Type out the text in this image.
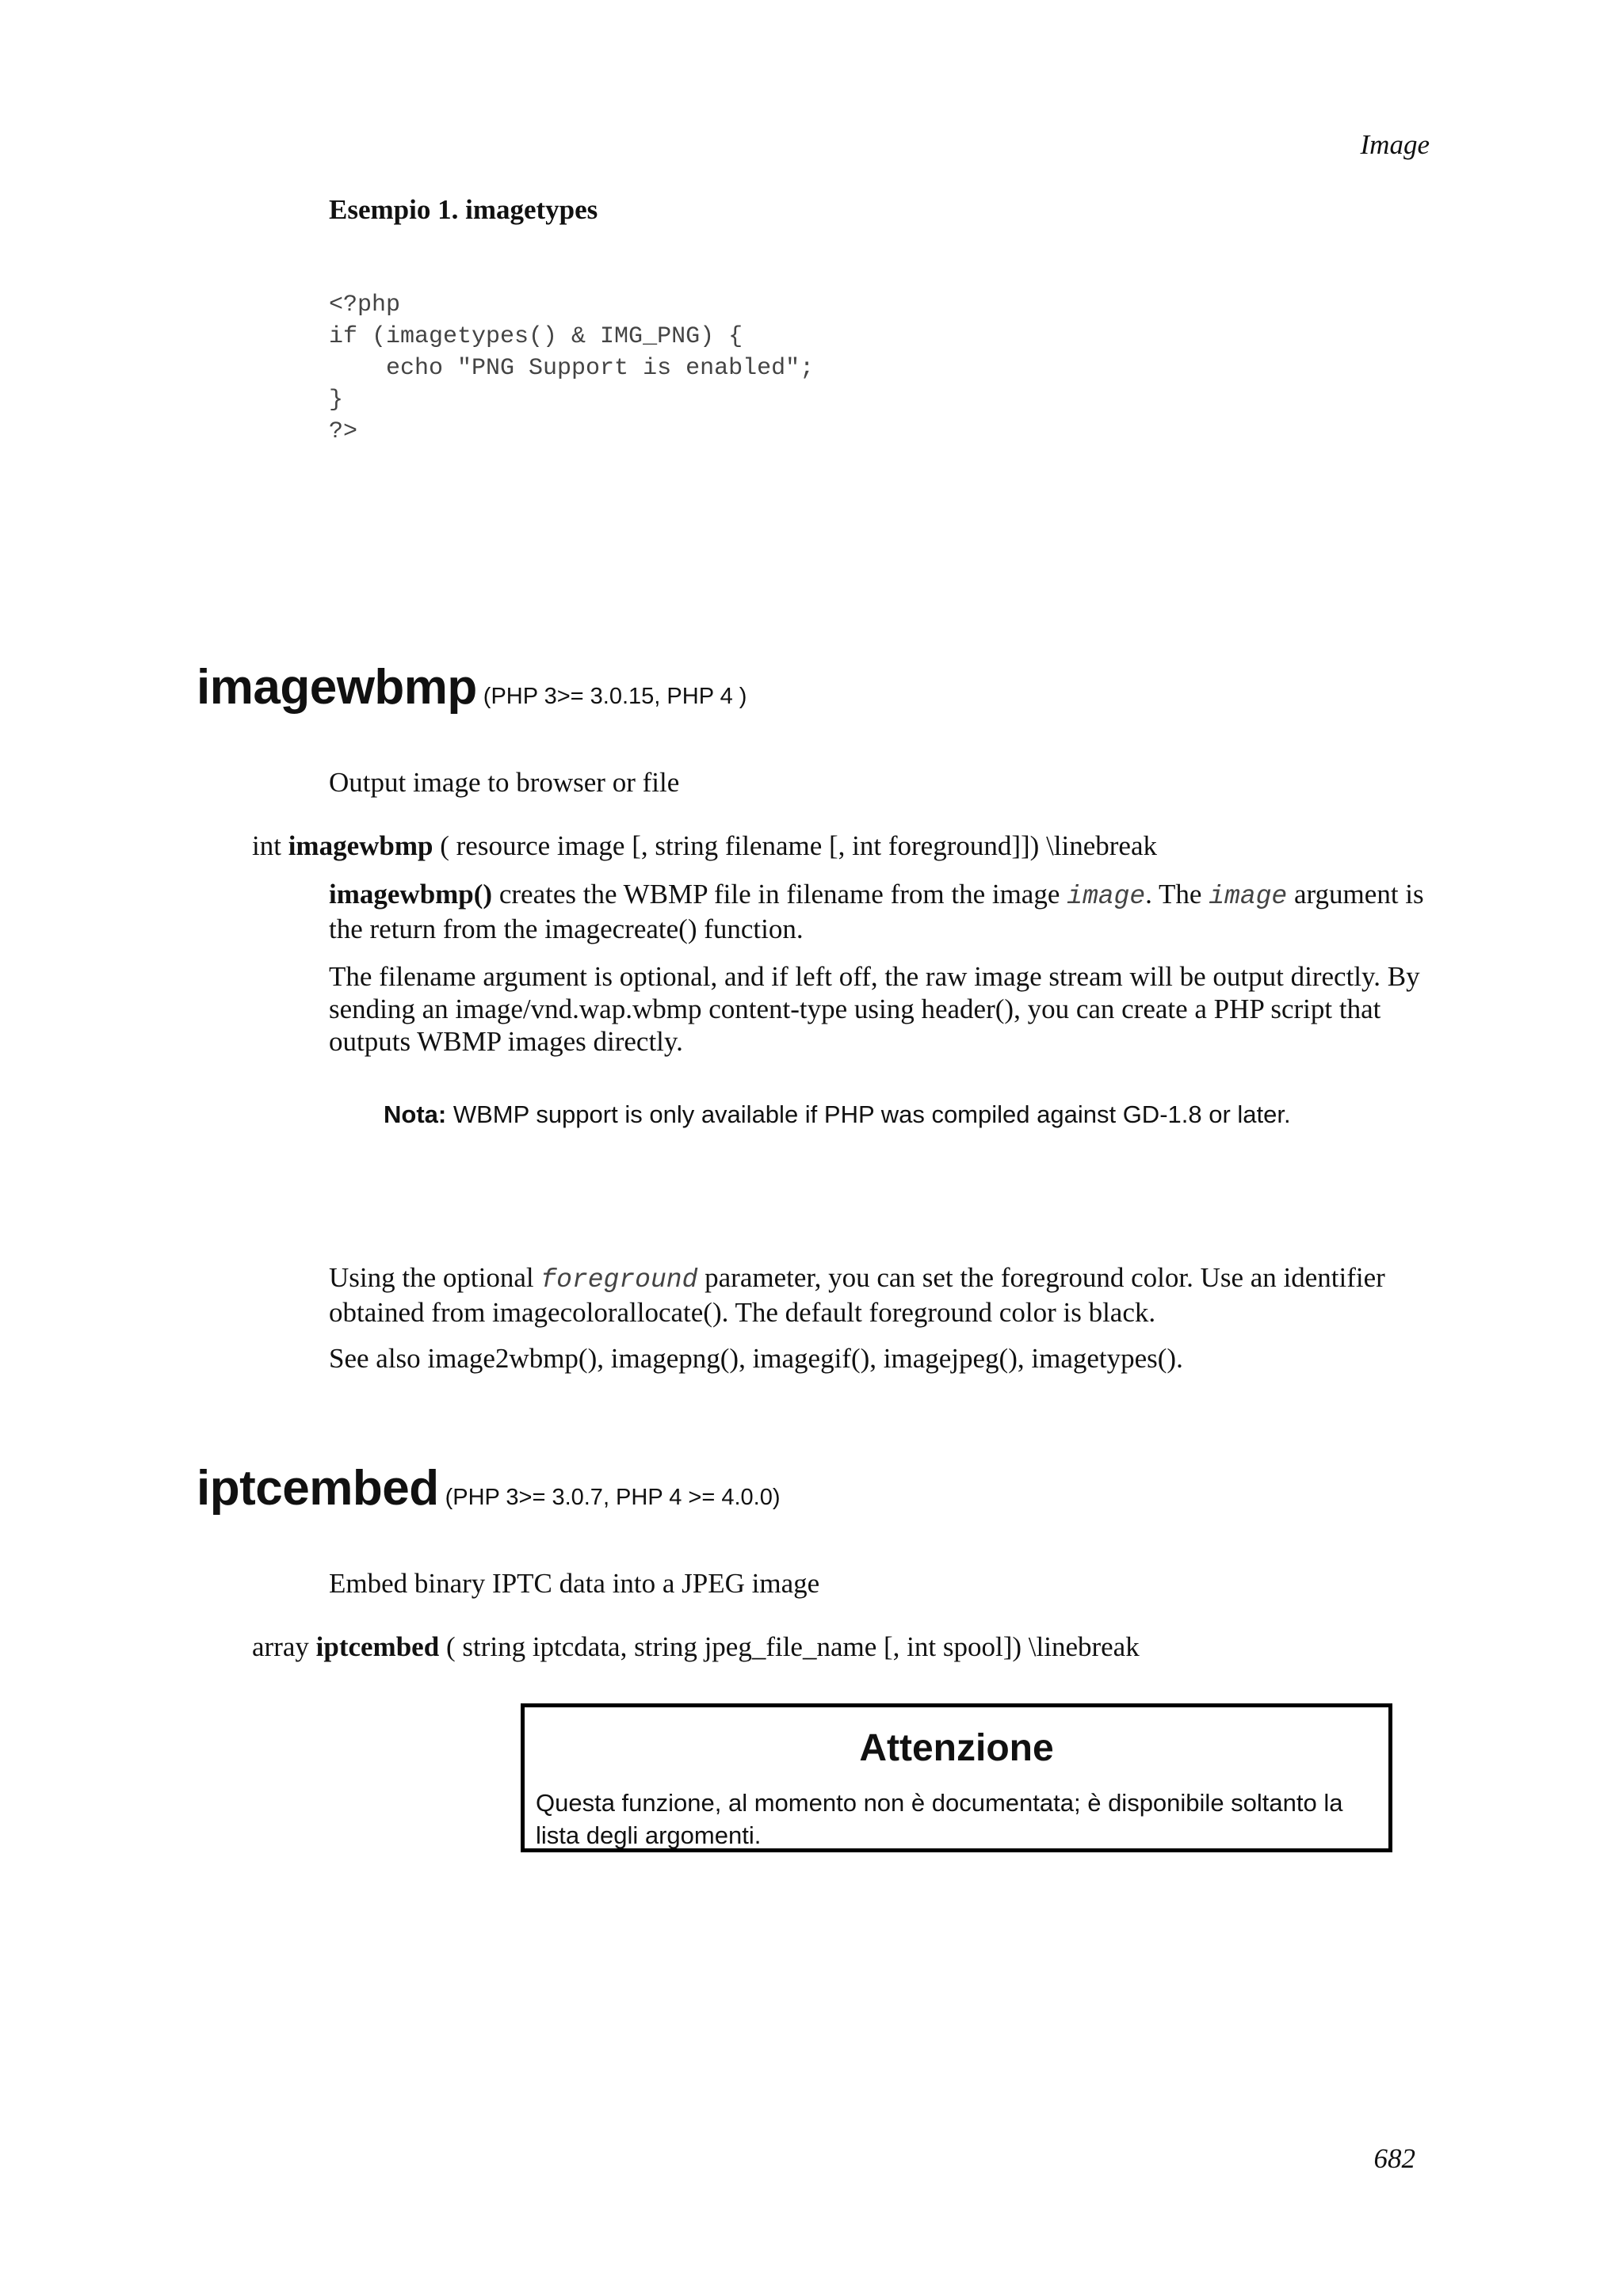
Image
Esempio 1. imagetypes
<?php
if (imagetypes() & IMG_PNG) {
echo "PNG Support is enabled";
}
?>
imagewbmp (PHP 3>= 3.0.15, PHP 4 )
Output image to browser or file
int imagewbmp ( resource image [, string filename [, int foreground]]) \linebreak

imagewbmp() creates the WBMP file in filename from the image image. The image argument is the return from the imagecreate() function.

The filename argument is optional, and if left off, the raw image stream will be output directly. By sending an image/vnd.wap.wbmp content-type using header(), you can create a PHP script that outputs WBMP images directly.

Nota: WBMP support is only available if PHP was compiled against GD-1.8 or later.

Using the optional foreground parameter, you can set the foreground color. Use an identifier obtained from imagecolorallocate(). The default foreground color is black.

See also image2wbmp(), imagepng(), imagegif(), imagejpeg(), imagetypes().

iptcembed (PHP 3>= 3.0.7, PHP 4 >= 4.0.0)
Embed binary IPTC data into a JPEG image
array iptcembed ( string iptcdata, string jpeg_file_name [, int spool]) \linebreak
Attenzione

Questa funzione, al momento non è documentata; è disponibile soltanto la lista degli argomenti.

682
